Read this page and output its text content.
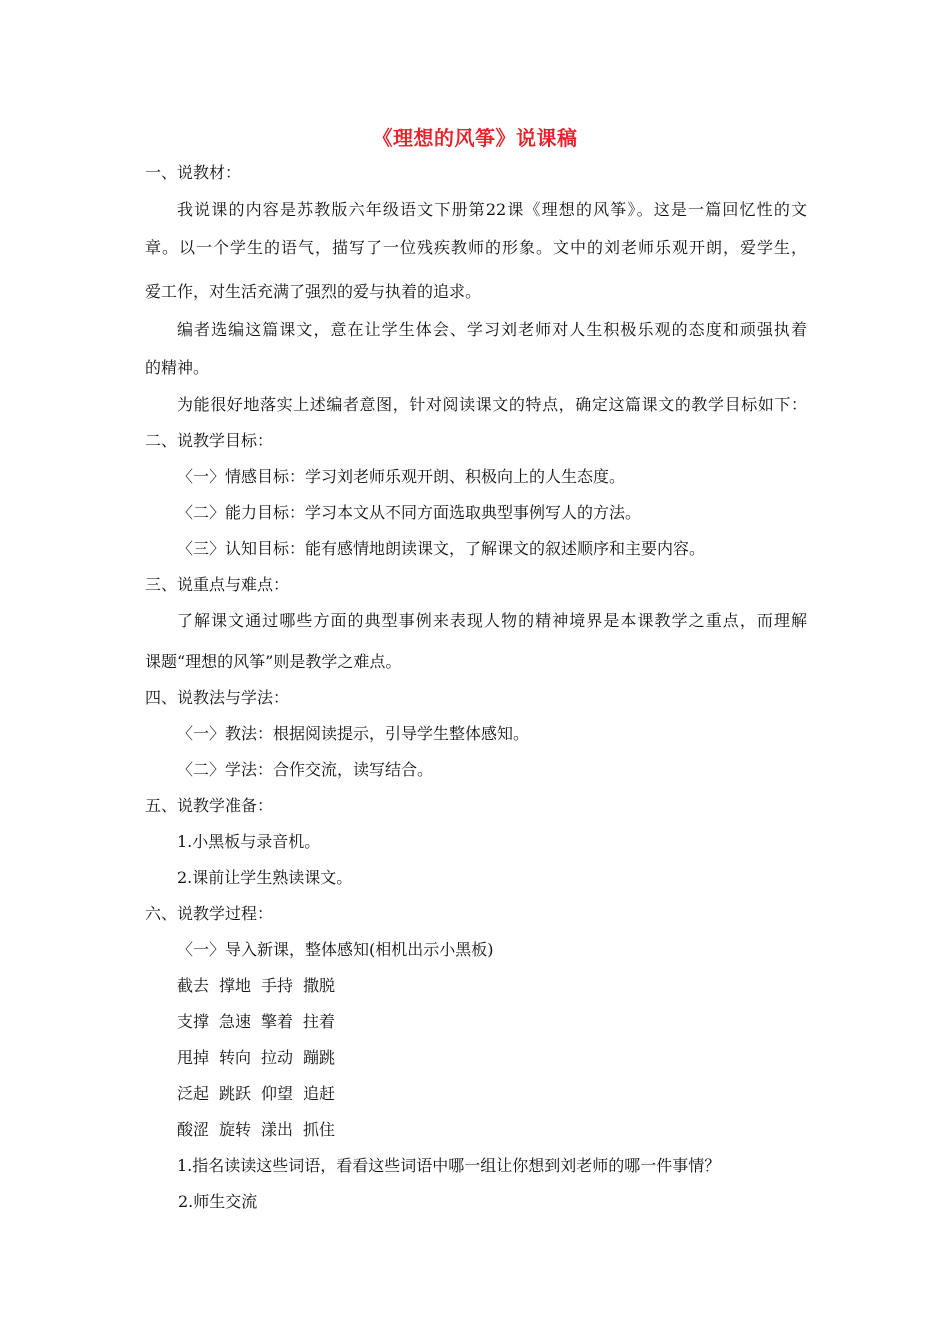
《理想的风筝》说课稿
一、说教材：
我说课的内容是苏教版六年级语文下册第22课《理想的风筝》。这是一篇回忆性的文
章。以一个学生的语气，描写了一位残疾教师的形象。文中的刘老师乐观开朗，爱学生，
爱工作，对生活充满了强烈的爱与执着的追求。
编者选编这篇课文，意在让学生体会、学习刘老师对人生积极乐观的态度和顽强执着
的精神。
为能很好地落实上述编者意图，针对阅读课文的特点，确定这篇课文的教学目标如下：
二、说教学目标：
〈一〉情感目标：学习刘老师乐观开朗、积极向上的人生态度。
〈二〉能力目标：学习本文从不同方面选取典型事例写人的方法。
〈三〉认知目标：能有感情地朗读课文，了解课文的叙述顺序和主要内容。
三、说重点与难点：
了解课文通过哪些方面的典型事例来表现人物的精神境界是本课教学之重点，而理解
课题“理想的风筝”则是教学之难点。
四、说教法与学法：
〈一〉教法：根据阅读提示，引导学生整体感知。
〈二〉学法：合作交流，读写结合。
五、说教学准备：
1.小黑板与录音机。
2.课前让学生熟读课文。
六、说教学过程：
〈一〉导入新课，整体感知(相机出示小黑板)
截去 撑地 手持 撒脱
支撑 急速 擎着 拄着
甩掉 转向 拉动 蹦跳
泛起 跳跃 仰望 追赶
酸涩 旋转 漾出 抓住
1.指名读读这些词语，看看这些词语中哪一组让你想到刘老师的哪一件事情？
2.师生交流
